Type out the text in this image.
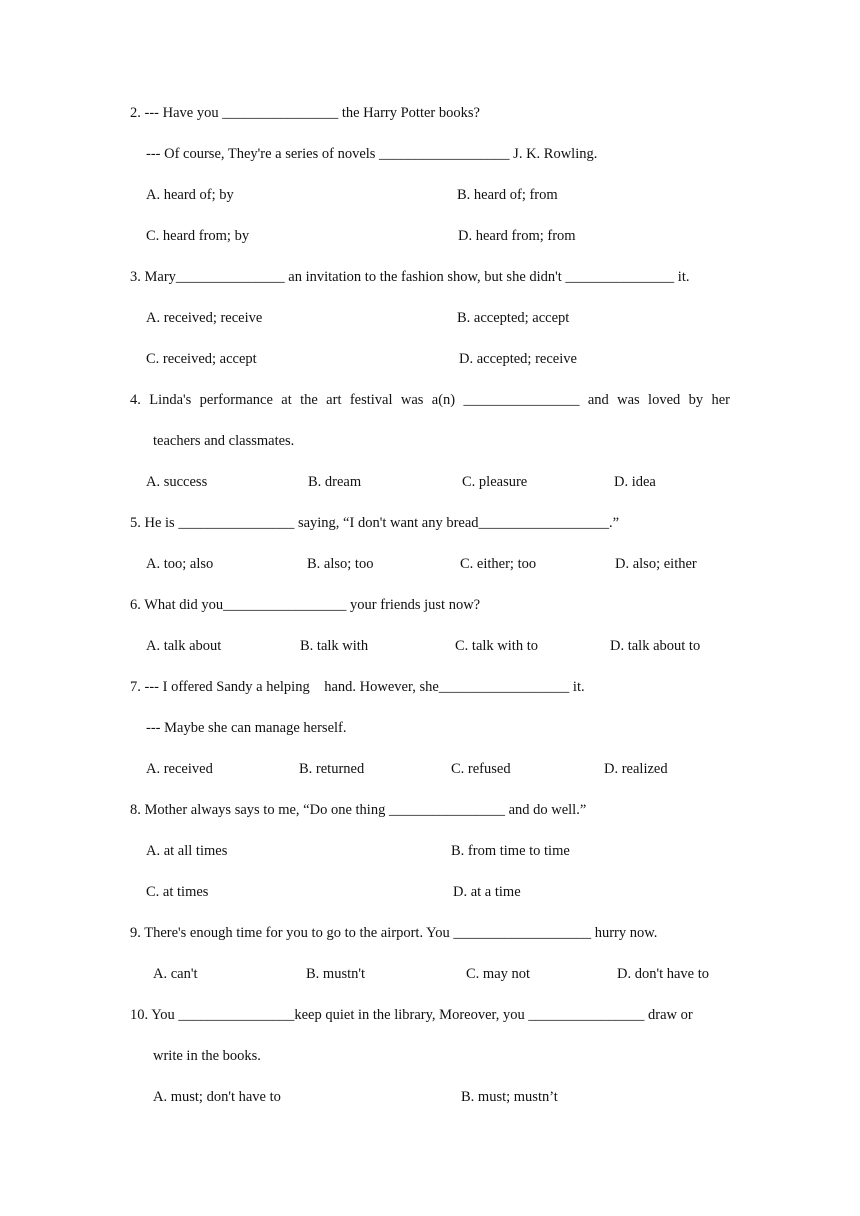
2. --- Have you ________________ the Harry Potter books?
--- Of course, They're a series of novels __________________ J. K. Rowling.
A. heard of; by	B. heard of; from
C. heard from; by	D. heard from; from
3. Mary_______________ an invitation to the fashion show, but she didn't _______________ it.
A. received; receive	B. accepted; accept
C. received; accept	D. accepted; receive
4. Linda's performance at the art festival was a(n) ________________ and was loved by her
teachers and classmates.
A. success	B. dream	C. pleasure	D. idea
5. He is ________________ saying, “I don't want any bread__________________.”
A. too; also	B. also; too	C. either; too	D. also; either
6. What did you_________________ your friends just now?
A. talk about	B. talk with	C. talk with to	D. talk about to
7. --- I offered Sandy a helping    hand. However, she__________________ it.
--- Maybe she can manage herself.
A. received	B. returned	C. refused	D. realized
8. Mother always says to me, “Do one thing ________________ and do well.”
A. at all times	B. from time to time
C. at times	D. at a time
9. There's enough time for you to go to the airport. You ___________________ hurry now.
A. can't	B. mustn't	C. may not	D. don't have to
10. You ________________keep quiet in the library, Moreover, you ________________ draw or
write in the books.
A. must; don't have to	B. must; mustn’t
